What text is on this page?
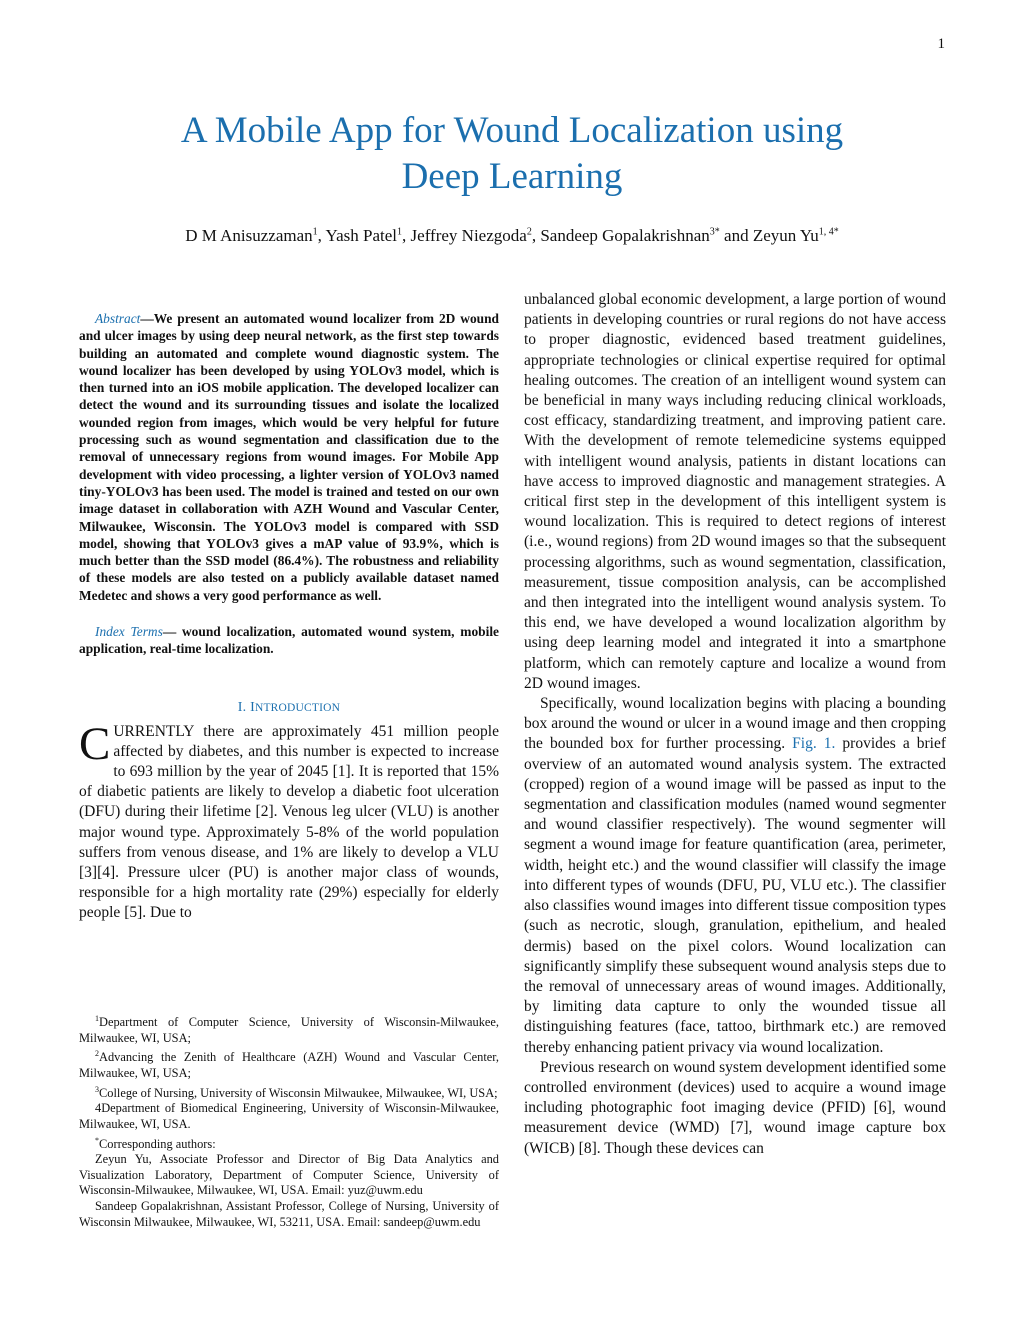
1
A Mobile App for Wound Localization using
Deep Learning
D M Anisuzzaman$^1$, Yash Patel$^1$, Jeffrey Niezgoda$^2$, Sandeep Gopalakrishnan$^{3*}$ and Zeyun $Yu^{1, 4*}$

Abstract—We present an automated wound localizer from 2D wound and ulcer images by using deep neural network, as the first step towards building an automated and complete wound diagnostic system. The wound localizer has been developed by using YOLOv3 model, which is then turned into an iOS mobile application. The developed localizer can detect the wound and its surrounding tissues and isolate the localized wounded region from images, which would be very helpful for future processing such as wound segmentation and classification due to the removal of unnecessary regions from wound images. For Mobile App development with video processing, a lighter version of YOLOv3 named tiny-YOLOv3 has been used. The model is trained and tested on our own image dataset in collaboration with AZH Wound and Vascular Center, Milwaukee, Wisconsin. The YOLOv3 model is compared with SSD model, showing that YOLOv3 gives a mAP value of 93.9%, which is much better than the SSD model (86.4%). The robustness and reliability of these models are also tested on a publicly available dataset named Medetec and shows a very good performance as well.

Index Terms— wound localization, automated wound system, mobile application, real-time localization.

I. INTRODUCTION

CURRENTLY there are approximately 451 million people affected by diabetes, and this number is expected to increase to 693 million by the year of 2045 [1]. It is reported that 15% of diabetic patients are likely to develop a diabetic foot ulceration (DFU) during their lifetime [2]. Venous leg ulcer (VLU) is another major wound type. Approximately 5-8% of the world population suffers from venous disease, and 1% are likely to develop a VLU [3][4]. Pressure ulcer (PU) is another major class of wounds, responsible for a high mortality rate (29%) especially for elderly people [5]. Due to

$^1$Department of Computer Science, University of Wisconsin-Milwaukee, Milwaukee, WI, USA;

$^2$Advancing the Zenith of Healthcare (AZH) Wound and Vascular Center, Milwaukee, WI, USA;

$^3$College of Nursing, University of Wisconsin Milwaukee, Milwaukee, WI, USA;

4Department of Biomedical Engineering, University of Wisconsin-Milwaukee, Milwaukee, WI, USA.

*Corresponding authors:

Zeyun Yu, Associate Professor and Director of Big Data Analytics and Visualization Laboratory, Department of Computer Science, University of Wisconsin-Milwaukee, Milwaukee, WI, USA. Email: yuz@uwm.edu

Sandeep Gopalakrishnan, Assistant Professor, College of Nursing, University of Wisconsin Milwaukee, Milwaukee, WI, 53211, USA. Email: sandeep@uwm.edu

unbalanced global economic development, a large portion of wound patients in developing countries or rural regions do not have access to proper diagnostic, evidenced based treatment guidelines, appropriate technologies or clinical expertise required for optimal healing outcomes. The creation of an intelligent wound system can be beneficial in many ways including reducing clinical workloads, cost efficacy, standardizing treatment, and improving patient care. With the development of remote telemedicine systems equipped with intelligent wound analysis, patients in distant locations can have access to improved diagnostic and management strategies. A critical first step in the development of this intelligent system is wound localization. This is required to detect regions of interest (i.e., wound regions) from 2D wound images so that the subsequent processing algorithms, such as wound segmentation, classification, measurement, tissue composition analysis, can be accomplished and then integrated into the intelligent wound analysis system. To this end, we have developed a wound localization algorithm by using deep learning model and integrated it into a smartphone platform, which can remotely capture and localize a wound from 2D wound images.

Specifically, wound localization begins with placing a bounding box around the wound or ulcer in a wound image and then cropping the bounded box for further processing. Fig. 1. provides a brief overview of an automated wound analysis system. The extracted (cropped) region of a wound image will be passed as input to the segmentation and classification modules (named wound segmenter and wound classifier respectively). The wound segmenter will segment a wound image for feature quantification (area, perimeter, width, height etc.) and the wound classifier will classify the image into different types of wounds (DFU, PU, VLU etc.). The classifier also classifies wound images into different tissue composition types (such as necrotic, slough, granulation, epithelium, and healed dermis) based on the pixel colors. Wound localization can significantly simplify these subsequent wound analysis steps due to the removal of unnecessary areas of wound images. Additionally, by limiting data capture to only the wounded tissue all distinguishing features (face, tattoo, birthmark etc.) are removed thereby enhancing patient privacy via wound localization.

Previous research on wound system development identified some controlled environment (devices) used to acquire a wound image including photographic foot imaging device (PFID) [6], wound measurement device (WMD) [7], wound image capture box (WICB) [8]. Though these devices can
